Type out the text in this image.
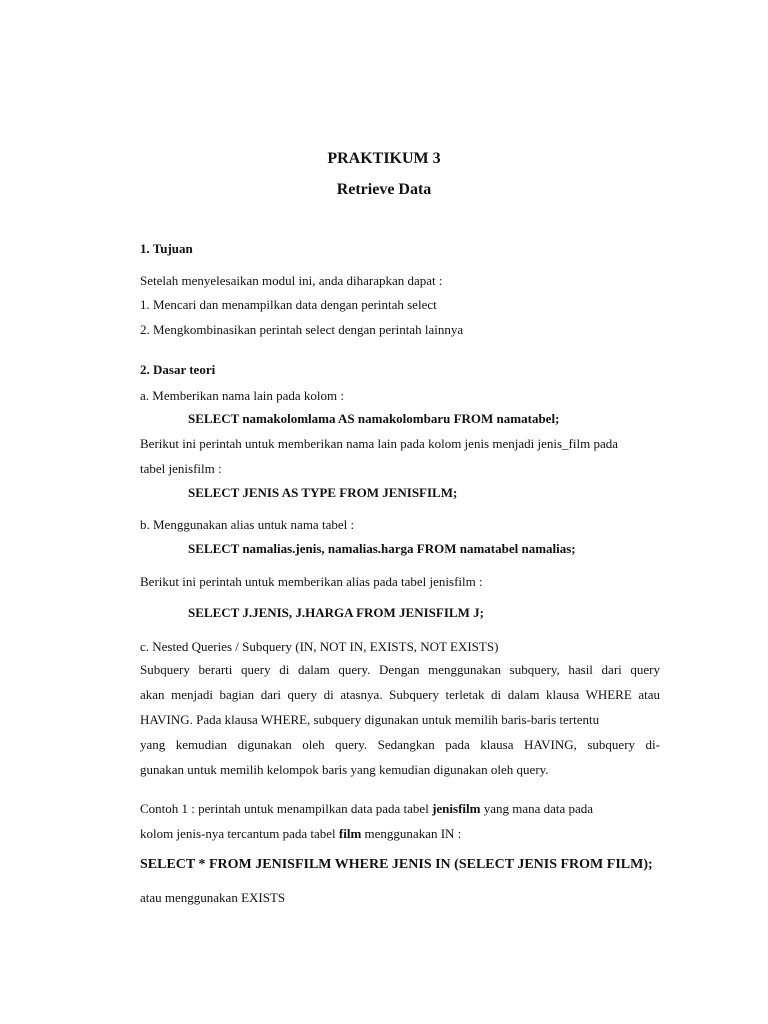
PRAKTIKUM 3
Retrieve Data
1. Tujuan
Setelah menyelesaikan modul ini, anda diharapkan dapat :
1. Mencari dan menampilkan data dengan perintah select
2. Mengkombinasikan perintah select dengan perintah lainnya
2. Dasar teori
a. Memberikan nama lain pada kolom :
SELECT namakolomlama AS namakolombaru FROM namatabel;
Berikut ini perintah untuk memberikan nama lain pada kolom jenis menjadi jenis_film pada
tabel jenisfilm :
SELECT JENIS AS TYPE FROM JENISFILM;
b. Menggunakan alias untuk nama tabel :
SELECT namalias.jenis, namalias.harga FROM namatabel namalias;
Berikut ini perintah untuk memberikan alias pada tabel jenisfilm :
SELECT J.JENIS, J.HARGA FROM JENISFILM J;
c. Nested Queries / Subquery (IN, NOT IN, EXISTS, NOT EXISTS)
Subquery berarti query di dalam query. Dengan menggunakan subquery, hasil dari query
akan menjadi bagian dari query di atasnya. Subquery terletak di dalam klausa WHERE atau
HAVING. Pada klausa WHERE, subquery digunakan untuk memilih baris-baris tertentu
yang kemudian digunakan oleh query. Sedangkan pada klausa HAVING, subquery di-
gunakan untuk memilih kelompok baris yang kemudian digunakan oleh query.
Contoh 1 : perintah untuk menampilkan data pada tabel jenisfilm yang mana data pada
kolom jenis-nya tercantum pada tabel film menggunakan IN :
SELECT * FROM JENISFILM WHERE JENIS IN (SELECT JENIS FROM FILM);
atau menggunakan EXISTS
